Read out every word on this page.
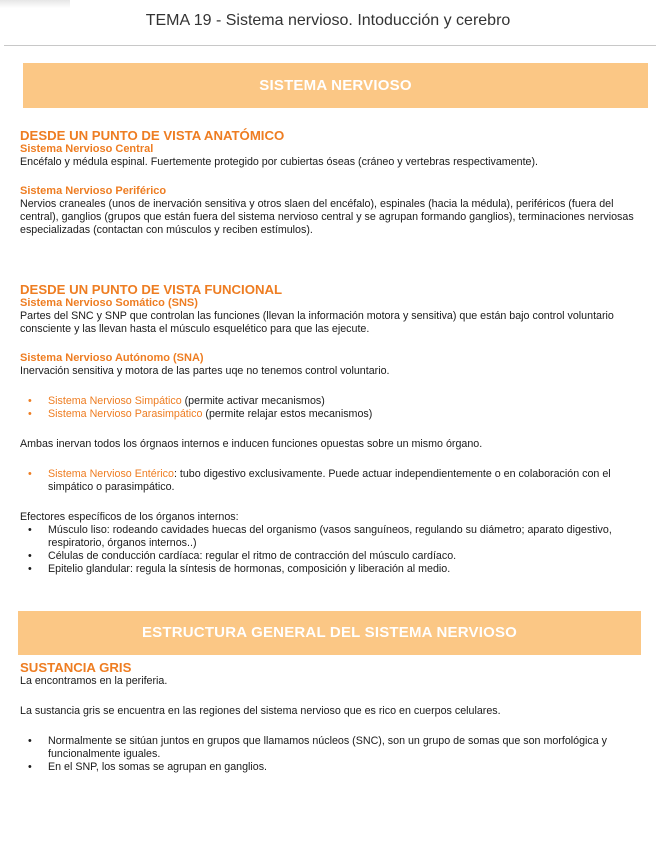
TEMA 19 - Sistema nervioso. Intoducción y cerebro
SISTEMA NERVIOSO
DESDE UN PUNTO DE VISTA ANATÓMICO
Sistema Nervioso Central

Encéfalo y médula espinal. Fuertemente protegido por cubiertas óseas (cráneo y vertebras respectivamente).

Sistema Nervioso Periférico

Nervios craneales (unos de inervación sensitiva y otros slaen del encéfalo), espinales (hacia la médula), periféricos (fuera del central), ganglios (grupos que están fuera del sistema nervioso central y se agrupan formando ganglios), terminaciones nerviosas especializadas (contactan con músculos y reciben estímulos).

DESDE UN PUNTO DE VISTA FUNCIONAL
Sistema Nervioso Somático (SNS)

Partes del SNC y SNP que controlan las funciones (llevan la información motora y sensitiva) que están bajo control voluntario consciente y las llevan hasta el músculo esquelético para que las ejecute.

Sistema Nervioso Autónomo (SNA)

Inervación sensitiva y motora de las partes uqe no tenemos control voluntario.

• Sistema Nervioso Simpático (permite activar mecanismos)
• Sistema Nervioso Parasimpático (permite relajar estos mecanismos)

Ambas inervan todos los órgnaos internos e inducen funciones opuestas sobre un mismo órgano.

• Sistema Nervioso Entérico: tubo digestivo exclusivamente. Puede actuar independientemente o en colaboración con el simpático o parasimpático.

Efectores específicos de los órganos internos:

• Músculo liso: rodeando cavidades huecas del organismo (vasos sanguíneos, regulando su diámetro; aparato digestivo, respiratorio, órganos internos..)
• Células de conducción cardíaca: regular el ritmo de contracción del músculo cardíaco.
• Epitelio glandular: regula la síntesis de hormonas, composición y liberación al medio.
ESTRUCTURA GENERAL DEL SISTEMA NERVIOSO
SUSTANCIA GRIS

La encontramos en la periferia.

La sustancia gris se encuentra en las regiones del sistema nervioso que es rico en cuerpos celulares.

• Normalmente se sitúan juntos en grupos que llamamos núcleos (SNC), son un grupo de somas que son morfológica y funcionalmente iguales.
• En el SNP, los somas se agrupan en ganglios.
